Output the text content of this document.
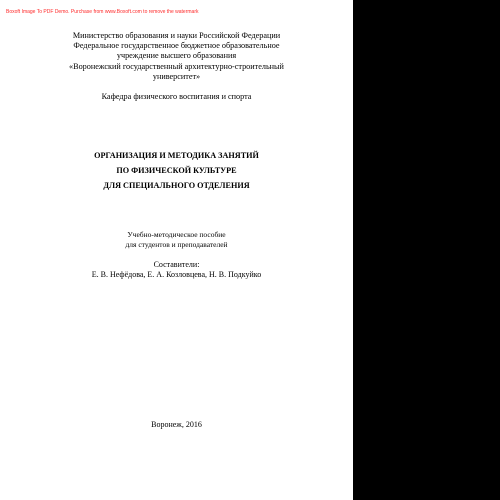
Boxoft Image To PDF Demo. Purchase from www.Boxoft.com to remove the watermark
Министерство образования и науки Российской Федерации
Федеральное государственное бюджетное образовательное
учреждение высшего образования
«Воронежский государственный архитектурно-строительный
университет»
Кафедра физического воспитания и спорта
ОРГАНИЗАЦИЯ И МЕТОДИКА ЗАНЯТИЙ
ПО ФИЗИЧЕСКОЙ КУЛЬТУРЕ
ДЛЯ СПЕЦИАЛЬНОГО ОТДЕЛЕНИЯ
Учебно-методическое пособие
для студентов и преподавателей
Составители:
Е. В. Нефёдова, Е. А. Козловцева, Н. В. Подкуйко
Воронеж, 2016
